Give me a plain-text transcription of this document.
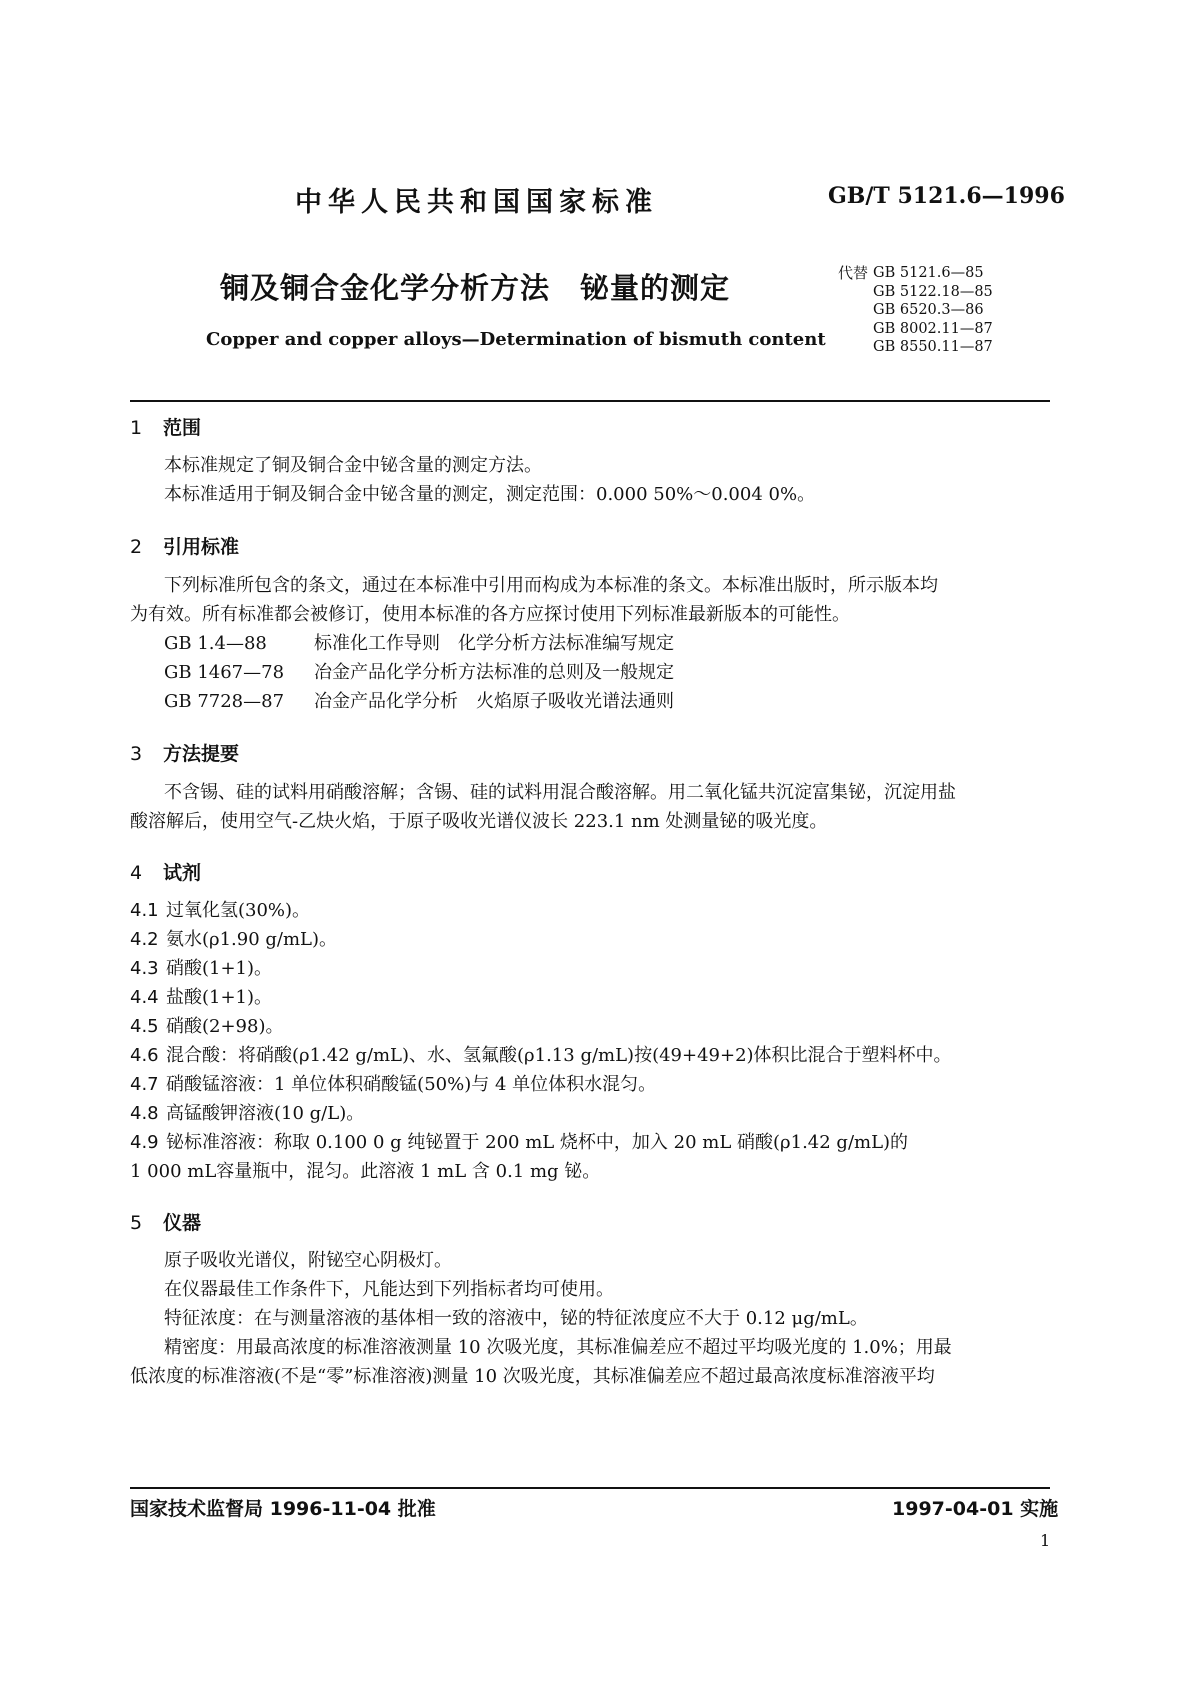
中华人民共和国国家标准	GB/T 5121.6—1996
铜及铜合金化学分析方法　铋量的测定	代替 GB 5121.6—85
GB 5122.18—85
GB 6520.3—86
GB 8002.11—87
GB 8550.11—87
Copper and copper alloys—Determination of bismuth content
1 范围
本标准规定了铜及铜合金中铋含量的测定方法。
本标准适用于铜及铜合金中铋含量的测定，测定范围：0.000 50%～0.004 0%。
2 引用标准
下列标准所包含的条文，通过在本标准中引用而构成为本标准的条文。本标准出版时，所示版本均
为有效。所有标准都会被修订，使用本标准的各方应探讨使用下列标准最新版本的可能性。
GB 1.4—88	标准化工作导则　化学分析方法标准编写规定
GB 1467—78 冶金产品化学分析方法标准的总则及一般规定
GB 7728—87 冶金产品化学分析　火焰原子吸收光谱法通则
3 方法提要
不含锡、硅的试料用硝酸溶解；含锡、硅的试料用混合酸溶解。用二氧化锰共沉淀富集铋，沉淀用盐
酸溶解后，使用空气-乙炔火焰，于原子吸收光谱仪波长 223.1 nm 处测量铋的吸光度。
4 试剂
4.1 过氧化氢(30%)。
4.2 氨水(ρ1.90 g/mL)。
4.3 硝酸(1+1)。
4.4 盐酸(1+1)。
4.5 硝酸(2+98)。
4.6 混合酸：将硝酸(ρ1.42 g/mL)、水、氢氟酸(ρ1.13 g/mL)按(49+49+2)体积比混合于塑料杯中。
4.7 硝酸锰溶液：1 单位体积硝酸锰(50%)与 4 单位体积水混匀。
4.8 高锰酸钾溶液(10 g/L)。
4.9 铋标准溶液：称取 0.100 0 g 纯铋置于 200 mL 烧杯中，加入 20 mL 硝酸(ρ1.42 g/mL)的
1 000 mL容量瓶中，混匀。此溶液 1 mL 含 0.1 mg 铋。
5 仪器
原子吸收光谱仪，附铋空心阴极灯。
在仪器最佳工作条件下，凡能达到下列指标者均可使用。
特征浓度：在与测量溶液的基体相一致的溶液中，铋的特征浓度应不大于 0.12 μg/mL。
精密度：用最高浓度的标准溶液测量 10 次吸光度，其标准偏差应不超过平均吸光度的 1.0%；用最
低浓度的标准溶液(不是“零”标准溶液)测量 10 次吸光度，其标准偏差应不超过最高浓度标准溶液平均
国家技术监督局 1996-11-04 批准	1997-04-01 实施
1
